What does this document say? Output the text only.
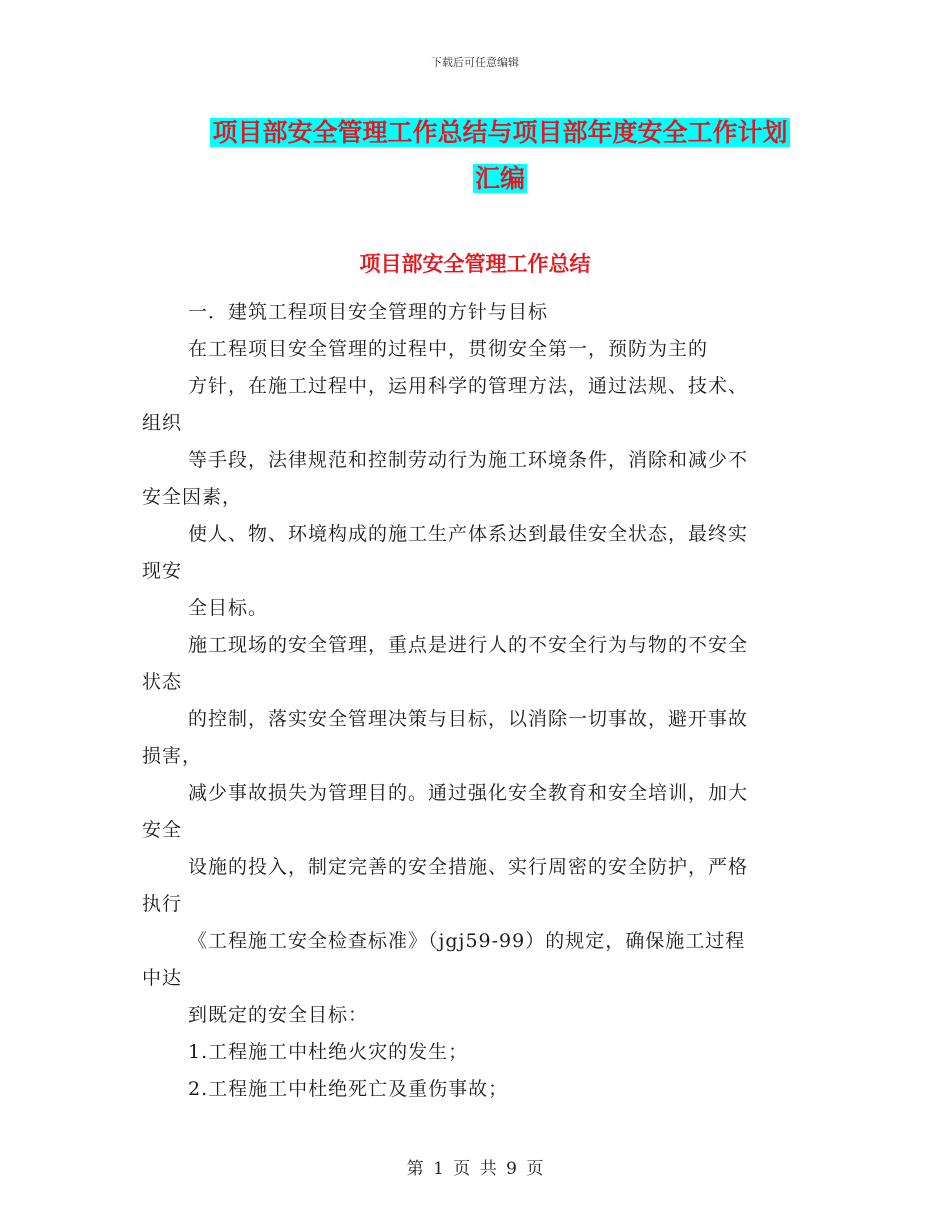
下载后可任意编辑
项目部安全管理工作总结与项目部年度安全工作计划
汇编
项目部安全管理工作总结
一．建筑工程项目安全管理的方针与目标
在工程项目安全管理的过程中，贯彻安全第一，预防为主的
方针，在施工过程中，运用科学的管理方法，通过法规、技术、
组织
等手段，法律规范和控制劳动行为施工环境条件，消除和减少不
安全因素，
使人、物、环境构成的施工生产体系达到最佳安全状态，最终实
现安
全目标。
施工现场的安全管理，重点是进行人的不安全行为与物的不安全
状态
的控制，落实安全管理决策与目标，以消除一切事故，避开事故
损害，
减少事故损失为管理目的。通过强化安全教育和安全培训，加大
安全
设施的投入，制定完善的安全措施、实行周密的安全防护，严格
执行
《工程施工安全检查标准》（jgj59-99）的规定，确保施工过程
中达
到既定的安全目标：
1.工程施工中杜绝火灾的发生；
2.工程施工中杜绝死亡及重伤事故；
第 1 页 共 9 页
